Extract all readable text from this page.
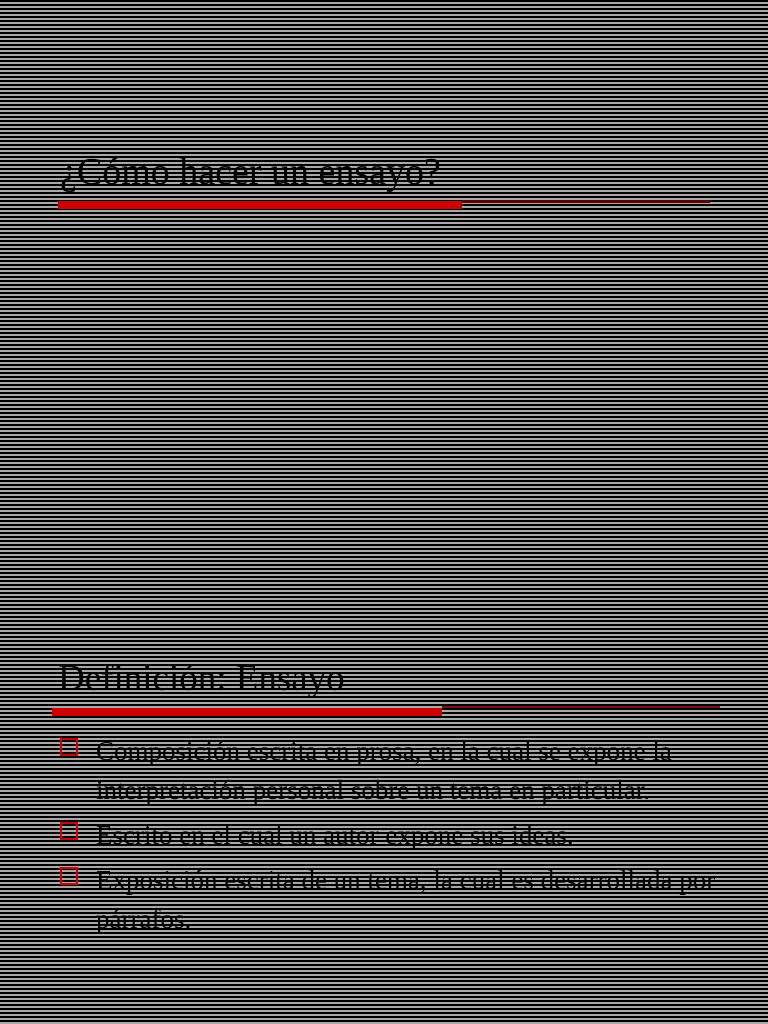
¿Cómo hacer un ensayo?
Definición: Ensayo
Composición escrita en prosa, en la cual se expone la interpretación personal sobre un tema en particular.
Escrito en el cual un autor expone sus ideas.
Exposición escrita de un tema, la cual es desarrollada por párrafos.
